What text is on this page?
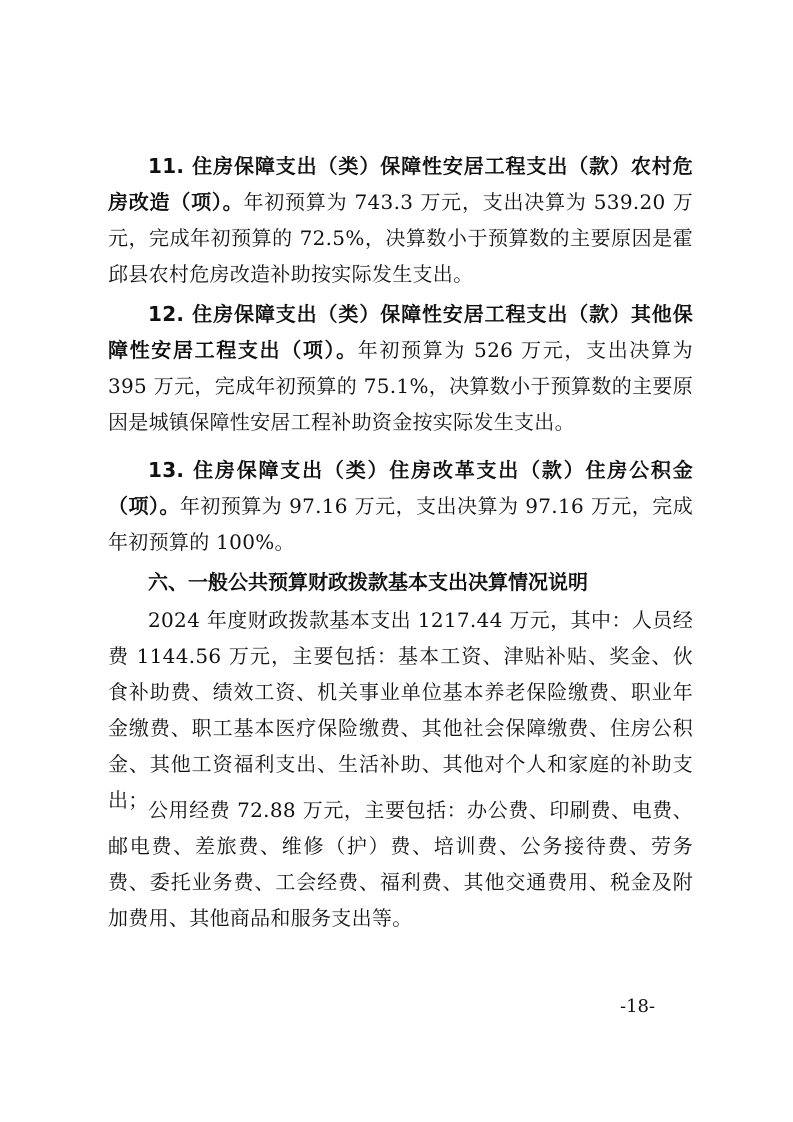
11. 住房保障支出（类）保障性安居工程支出（款）农村危房改造（项）。年初预算为 743.3 万元，支出决算为 539.20 万元，完成年初预算的 72.5%，决算数小于预算数的主要原因是霍邱县农村危房改造补助按实际发生支出。

12. 住房保障支出（类）保障性安居工程支出（款）其他保障性安居工程支出（项）。年初预算为 526 万元，支出决算为 395 万元，完成年初预算的 75.1%，决算数小于预算数的主要原因是城镇保障性安居工程补助资金按实际发生支出。

13. 住房保障支出（类）住房改革支出（款）住房公积金（项）。年初预算为 97.16 万元，支出决算为 97.16 万元，完成年初预算的 100%。

六、一般公共预算财政拨款基本支出决算情况说明

2024 年度财政拨款基本支出 1217.44 万元，其中：人员经费 1144.56 万元，主要包括：基本工资、津贴补贴、奖金、伙食补助费、绩效工资、机关事业单位基本养老保险缴费、职业年金缴费、职工基本医疗保险缴费、其他社会保障缴费、住房公积金、其他工资福利支出、生活补助、其他对个人和家庭的补助支出； 公用经费 72.88 万元，主要包括：办公费、印刷费、电费、邮电费、差旅费、维修（护）费、培训费、公务接待费、劳务费、委托业务费、工会经费、福利费、其他交通费用、税金及附加费用、其他商品和服务支出等。

-18-
